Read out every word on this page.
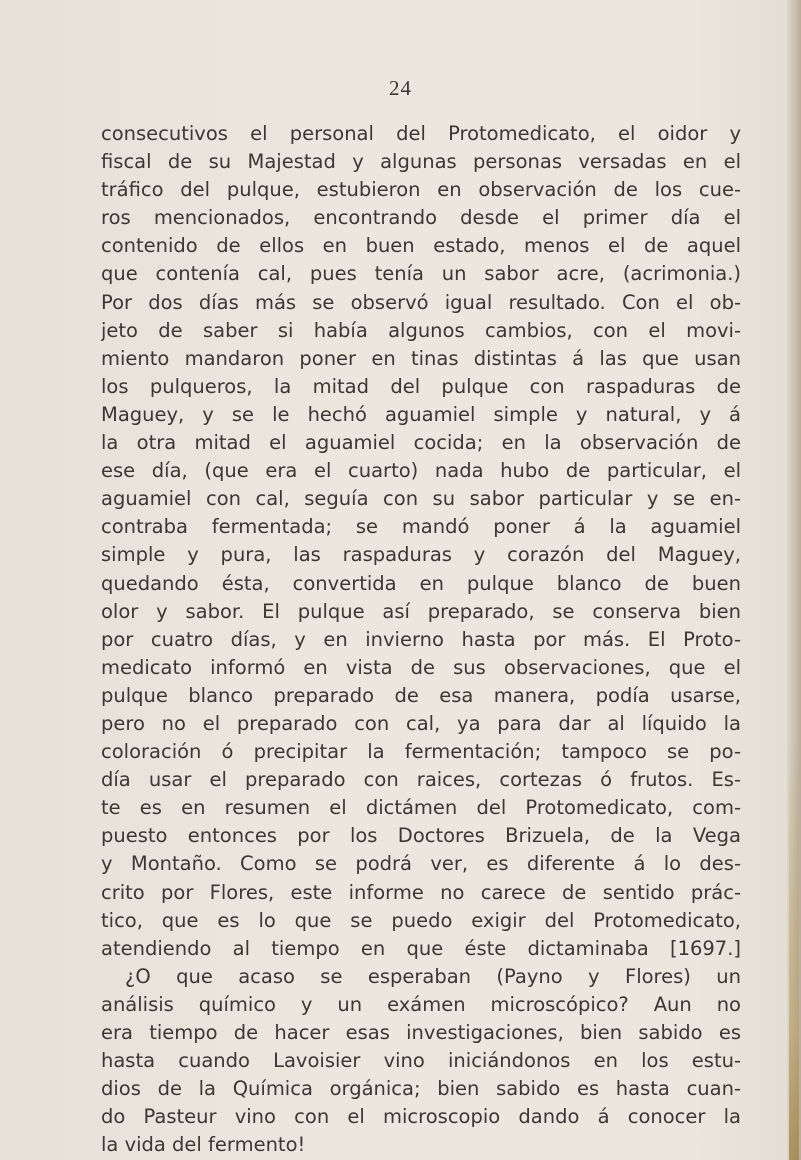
24
consecutivos el personal del Protomedicato, el oidor y
fiscal de su Majestad y algunas personas versadas en el
tráfico del pulque, estubieron en observación de los cue-
ros mencionados, encontrando desde el primer día el
contenido de ellos en buen estado, menos el de aquel
que contenía cal, pues tenía un sabor acre, (acrimonia.)
Por dos días más se observó igual resultado. Con el ob-
jeto de saber si había algunos cambios, con el movi-
miento mandaron poner en tinas distintas á las que usan
los pulqueros, la mitad del pulque con raspaduras de
Maguey, y se le hechó aguamiel simple y natural, y á
la otra mitad el aguamiel cocida; en la observación de
ese día, (que era el cuarto) nada hubo de particular, el
aguamiel con cal, seguía con su sabor particular y se en-
contraba fermentada; se mandó poner á la aguamiel
simple y pura, las raspaduras y corazón del Maguey,
quedando ésta, convertida en pulque blanco de buen
olor y sabor. El pulque así preparado, se conserva bien
por cuatro días, y en invierno hasta por más. El Proto-
medicato informó en vista de sus observaciones, que el
pulque blanco preparado de esa manera, podía usarse,
pero no el preparado con cal, ya para dar al líquido la
coloración ó precipitar la fermentación; tampoco se po-
día usar el preparado con raices, cortezas ó frutos. Es-
te es en resumen el dictámen del Protomedicato, com-
puesto entonces por los Doctores Brizuela, de la Vega
y Montaño. Como se podrá ver, es diferente á lo des-
crito por Flores, este informe no carece de sentido prác-
tico, que es lo que se puedo exigir del Protomedicato,
atendiendo al tiempo en que éste dictaminaba [1697.]
¿O que acaso se esperaban (Payno y Flores) un
análisis químico y un exámen microscópico? Aun no
era tiempo de hacer esas investigaciones, bien sabido es
hasta cuando Lavoisier vino iniciándonos en los estu-
dios de la Química orgánica; bien sabido es hasta cuan-
do Pasteur vino con el microscopio dando á conocer la
la vida del fermento!
